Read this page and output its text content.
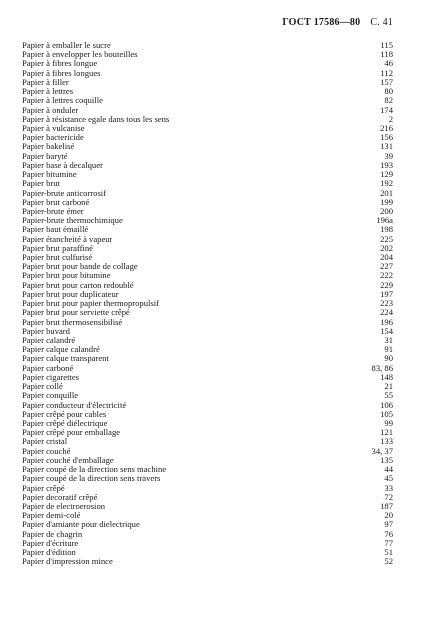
ГОСТ 17586—80 С. 41
Papier à emballer le sucre	115
Papier à envelopper les bouteilles	118
Papier à fibres longue	46
Papier à fibres longues	112
Papier à filler	157
Papier à lettres	80
Papier à lettres coquille	82
Papier à onduler	174
Papier à résistance egale dans tous les sens	2
Papier à vulcanise	216
Papier bactericide	156
Papier bakelisé	131
Papier baryté	39
Papier base à decalquer	193
Papier bitumine	129
Papier brut	192
Papier-brute anticorrosif	201
Papier brut carboné	199
Papier-brute émer	200
Papier-brute thermochimique	196a
Papier baut émaillé	198
Papier étancheité à vapeur	225
Papier brut paraffiné	202
Papier brut culfurisé	204
Papier brut pour bande de collage	227
Papier brut pour bitumine	222
Papier brut pour carton redoublé	229
Papier brut pour duplicateur	197
Papier brut pour papier thermopropulsif	223
Papier brut pour serviette crêpé	224
Papier brut thermosensibilisé	196
Papier buvard	154
Papier calandré	31
Papier calque calandré	91
Papier calque transparent	90
Papier carboné	83, 86
Papier cigarettes	148
Papier collé	21
Papier conquille	55
Papier conducteur d'électricité	106
Papier crêpé pour cables	105
Papier crêpé diélectrique	99
Papier crêpé pour emballage	121
Papier cristal	133
Papier couché	34, 37
Papier couché d'emballage	135
Papier coupé de la direction sens machine	44
Papier coupé de la direction sens travers	45
Papier crêpé	33
Papier decoratif crêpé	72
Papier de electroerosion	187
Papier demi-colé	20
Papier d'amiante pour dielectrique	97
Papier de chagrin	76
Papier d'écriture	77
Papier d'édition	51
Papier d'impression mince	52
